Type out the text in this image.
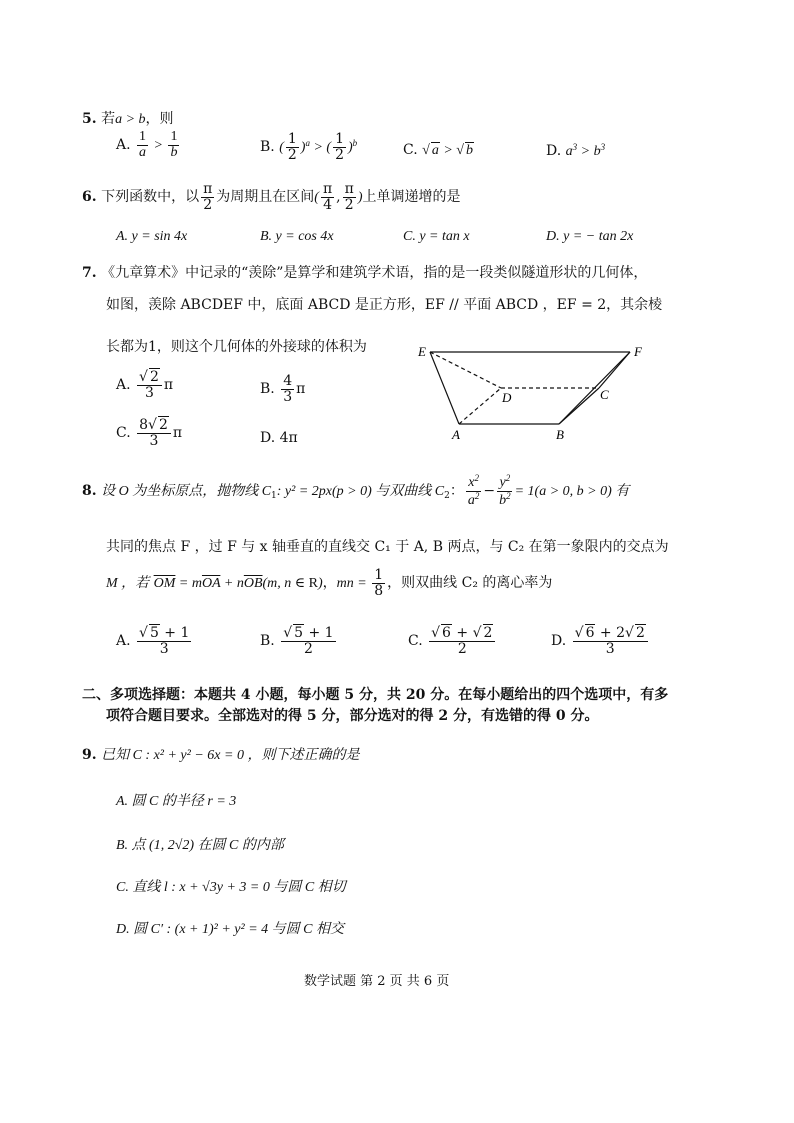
5. 若a > b，则
A. $\frac{1}{a} > \frac{1}{b}$	B. ( $\frac{1}{2} )^a$ > ( $\frac{1}{2} )^b$	C. √ a > √ b	D. $a^3 > b^3$
6. 下列函数中，以 $\frac{\pi}{2}$ 为周期且在区间( $\frac{\pi}{4}$ , $\frac{\pi}{2}$ )上单调递增的是
A. y = sin 4x	B. y = cos 4x	C. y = tan x	D. y = − tan 2x
7. 《九章算术》中记录的“羡除”是算学和建筑学术语，指的是一段类似隧道形状的几何体，
如图，羡除 ABCDEF 中，底面 ABCD 是正方形，EF // 平面 ABCD ，EF = 2，其余棱
长都为1，则这个几何体的外接球的体积为
A. $\frac{√ 2}{3}$ π	B. $\frac{4}{3}$ π
C. $\frac{8√ 2}{3}$ π	D. 4π
E	F
D	C
A	B
8. 设 O 为坐标原点，抛物线 $C_1$: y² = 2px(p > 0) 与双曲线 $C_2$： $\frac{x^2}{a^2} - \frac{y^2}{b^2} = 1(a > 0$, b > 0) 有
共同的焦点 F ，过 F 与 x 轴垂直的直线交 C₁ 于 A, B 两点，与 C₂ 在第一象限内的交点为
M ，若 $\overline{OM} = m\overline{OA} + n\overline{OB}(m$, n ∈ R)，mn = $\frac{1}{8}$ ，则双曲线 C₂ 的离心率为
A. $\frac{√ 5 + 1}{3}$	B. $\frac{√ 5 + 1}{2}$	C. $\frac{√ 6 + √ 2}{2}$	D. $\frac{√ 6 + 2√ 2}{3}$
二、多项选择题：本题共 4 小题，每小题 5 分，共 20 分。在每小题给出的四个选项中，有多
项符合题目要求。全部选对的得 5 分，部分选对的得 2 分，有选错的得 0 分。
9. 已知 C : x² + y² − 6x = 0 ，则下述正确的是
A. 圆 C 的半径 r = 3
B. 点 (1, 2√2) 在圆 C 的内部
C. 直线 l : x + √3y + 3 = 0 与圆 C 相切
D. 圆 C′ : (x + 1)² + y² = 4 与圆 C 相交
数学试题 第 2 页 共 6 页
